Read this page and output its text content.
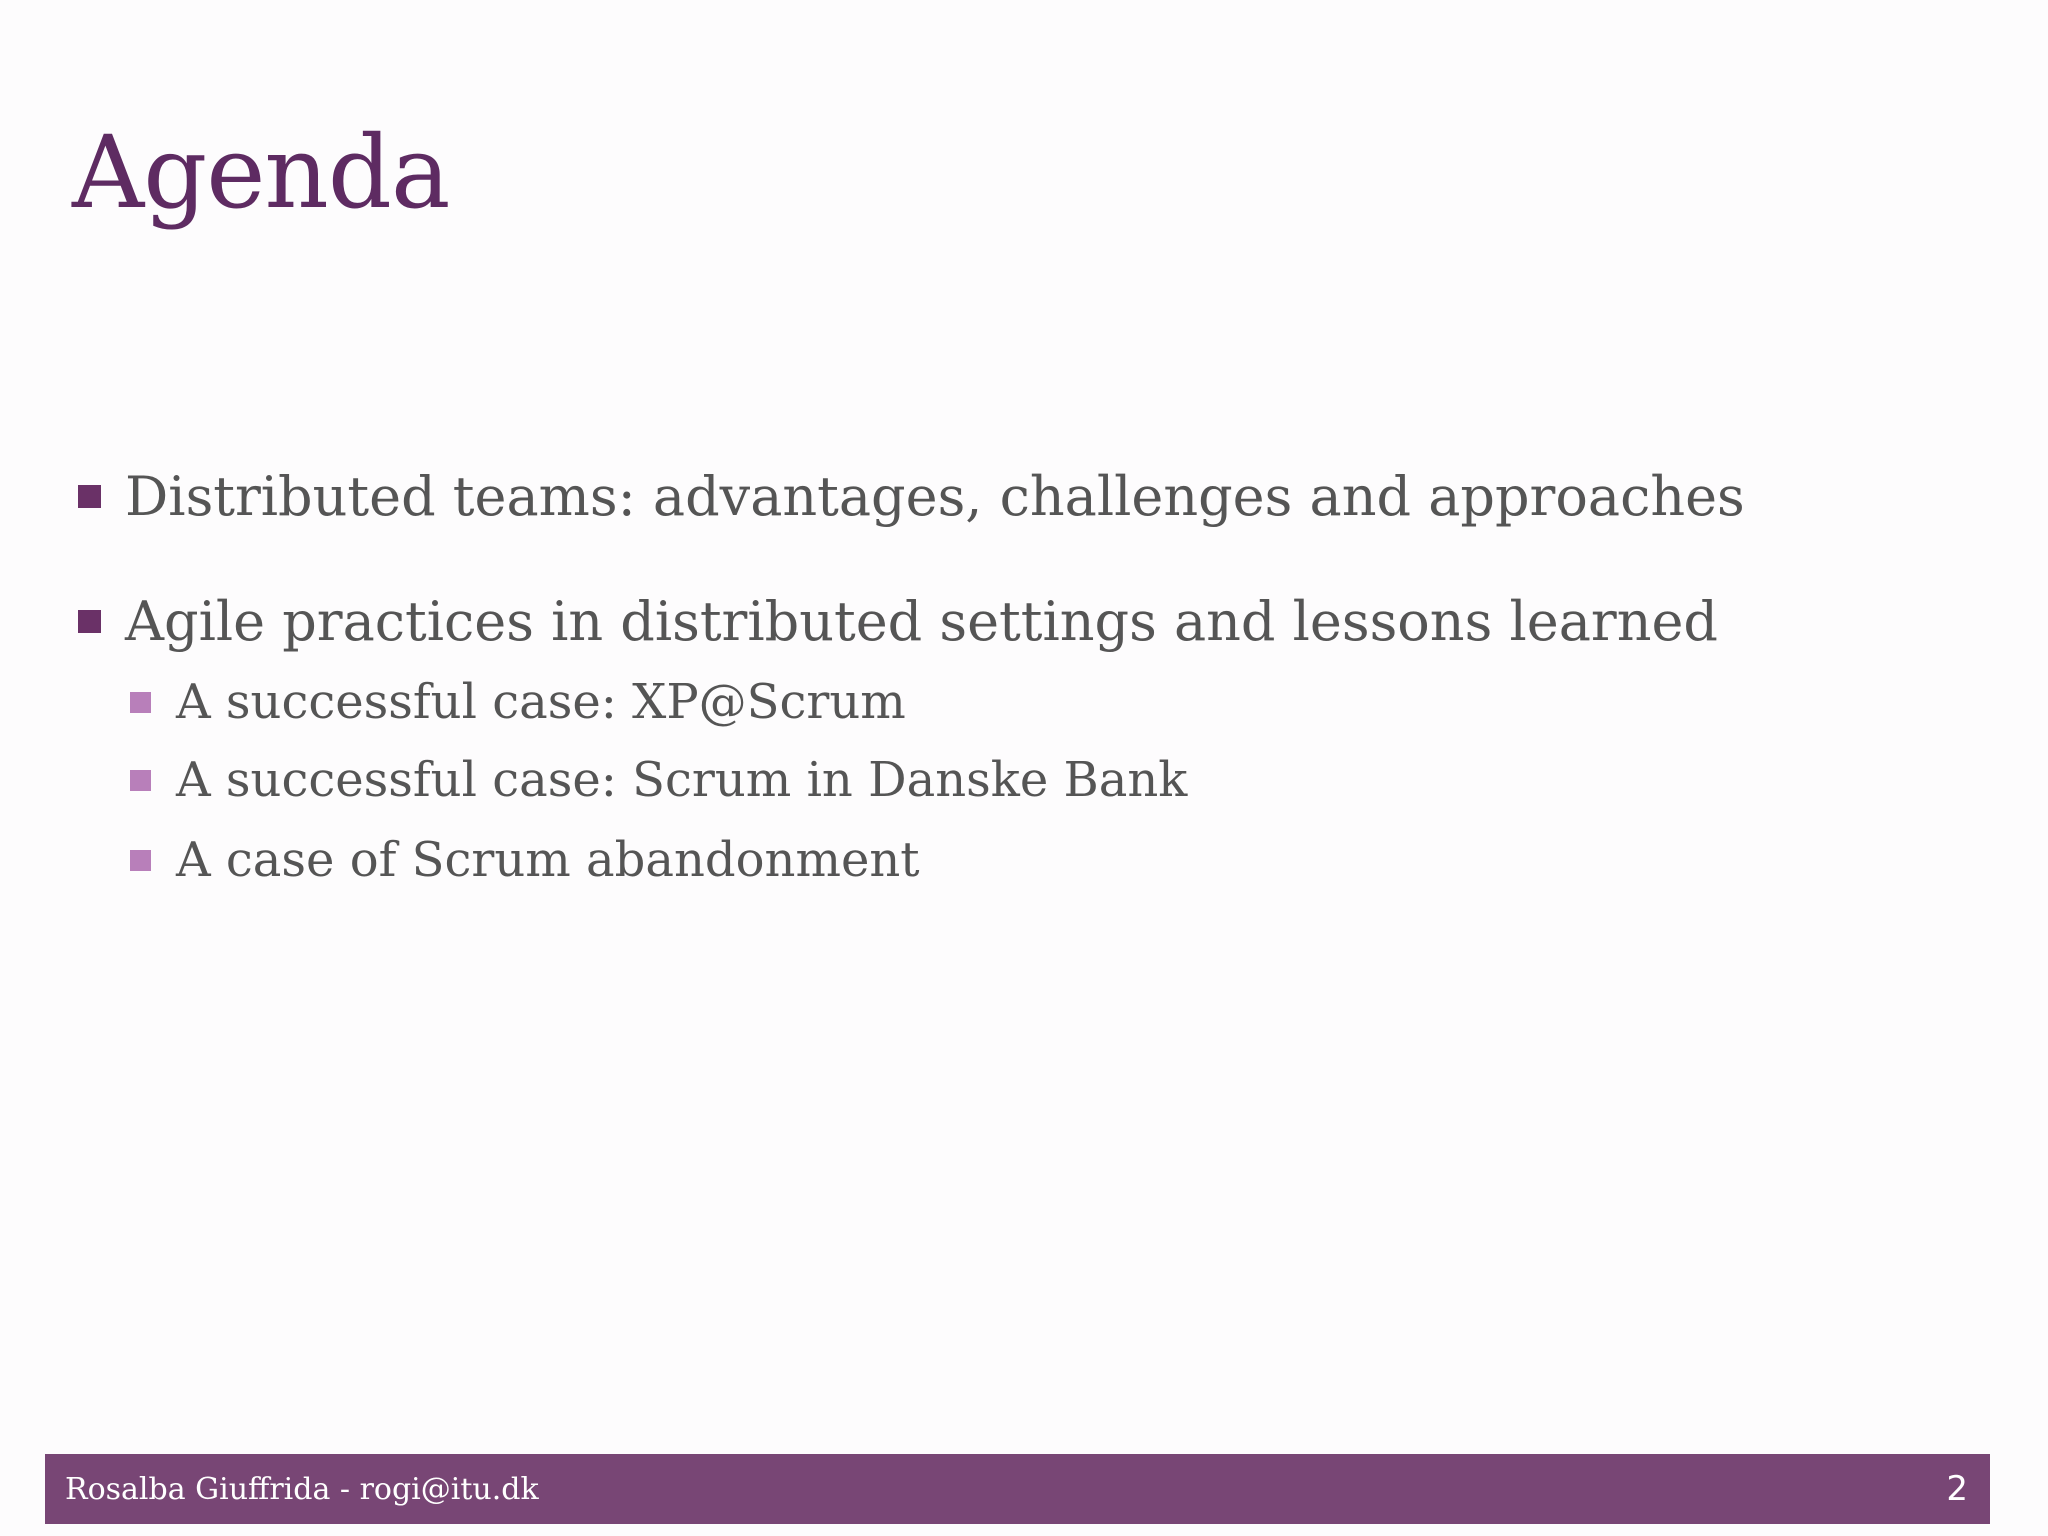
Agenda
Distributed teams: advantages, challenges and approaches
Agile practices in distributed settings and lessons learned
A successful case: XP@Scrum
A successful case: Scrum in Danske Bank
A case of Scrum abandonment
Rosalba Giuffrida - rogi@itu.dk	2
